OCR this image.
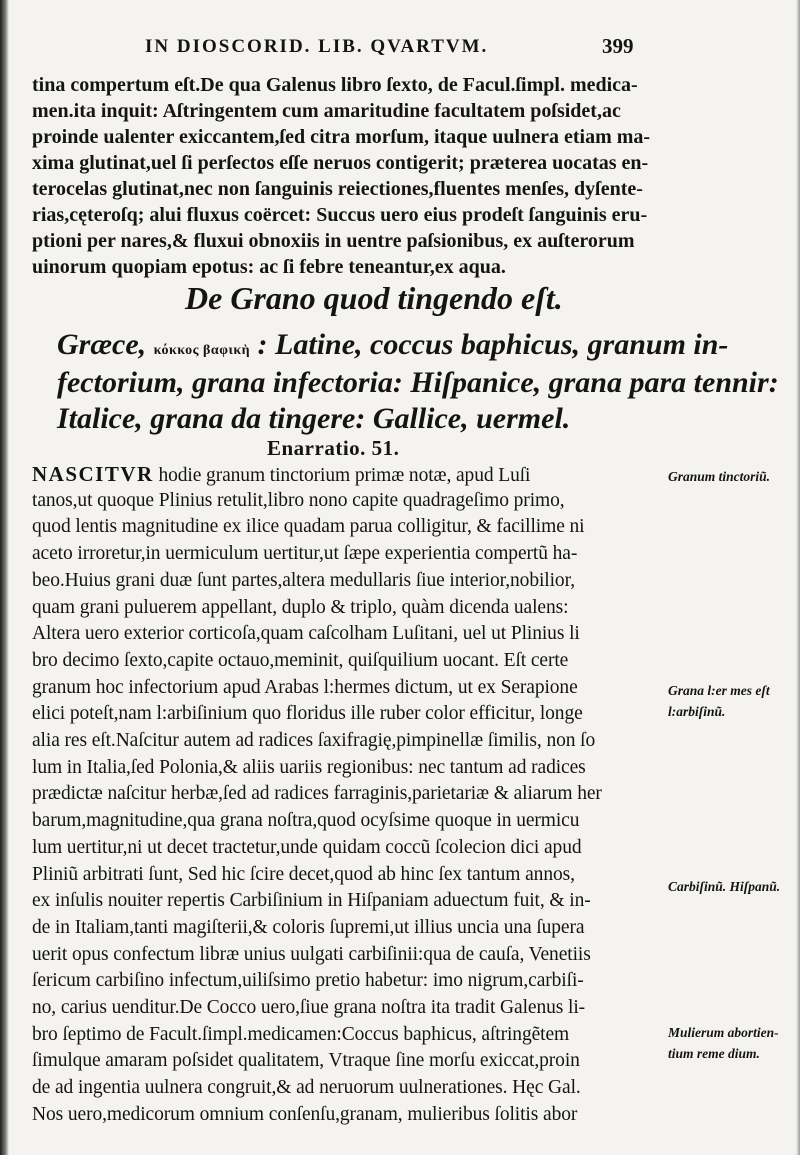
IN DIOSCORID. LIB. QVARTVM.	399
tina compertum eſt.De qua Galenus libro ſexto, de Facul.ſimpl. medica-
men.ita inquit: Aſtringentem cum amaritudine facultatem poſsidet,ac
proinde ualenter exiccantem,ſed citra morſum, itaque uulnera etiam ma-
xima glutinat,uel ſi perſectos eſſe neruos contigerit; præterea uocatas en-
terocelas glutinat,nec non ſanguinis reiectiones,fluentes menſes, dyſente-
rias,cęteroſq; alui fluxus coërcet: Succus uero eius prodeſt ſanguinis eru-
ptioni per nares,& fluxui obnoxiis in uentre paſsionibus, ex auſterorum
uinorum quopiam epotus: ac ſi febre teneantur,ex aqua.
De Grano quod tingendo eſt.
Græce, κόκκος βαφικὴ : Latine, coccus baphicus, granum in-
fectorium, grana infectoria: Hiſpanice, grana para tennir:
Italice, grana da tingere: Gallice, uermel.
Enarratio. 51.
NASCITVR hodie granum tinctorium primæ notæ, apud Luſi
tanos,ut quoque Plinius retulit,libro nono capite quadrageſimo primo,
quod lentis magnitudine ex ilice quadam parua colligitur, & facillime ni
aceto irroretur,in uermiculum uertitur,ut ſæpe experientia compertũ ha-
beo.Huius grani duæ ſunt partes,altera medullaris ſiue interior,nobilior,
quam grani puluerem appellant, duplo & triplo, quàm dicenda ualens:
Altera uero exterior corticoſa,quam caſcolham Luſitani, uel ut Plinius li
bro decimo ſexto,capite octauo,meminit, quiſquilium uocant. Eſt certe
granum hoc infectorium apud Arabas l:hermes dictum, ut ex Serapione
elici poteſt,nam l:arbiſinium quo floridus ille ruber color efficitur, longe
alia res eſt.Naſcitur autem ad radices ſaxifragię,pimpinellæ ſimilis, non ſo
lum in Italia,ſed Polonia,& aliis uariis regionibus: nec tantum ad radices
prædictæ naſcitur herbæ,ſed ad radices farraginis,parietariæ & aliarum her
barum,magnitudine,qua grana noſtra,quod ocyſsime quoque in uermicu
lum uertitur,ni ut decet tractetur,unde quidam coccũ ſcolecion dici apud
Pliniũ arbitrati ſunt, Sed hic ſcire decet,quod ab hinc ſex tantum annos,
ex inſulis nouiter repertis Carbiſinium in Hiſpaniam aduectum fuit, & in-
de in Italiam,tanti magiſterii,& coloris ſupremi,ut illius uncia una ſupera
uerit opus confectum libræ unius uulgati carbiſinii:qua de cauſa, Venetiis
ſericum carbiſino infectum,uiliſsimo pretio habetur: imo nigrum,carbiſi-
no, carius uenditur.De Cocco uero,ſiue grana noſtra ita tradit Galenus li-
bro ſeptimo de Facult.ſimpl.medicamen:Coccus baphicus, aſtringẽtem
ſimulque amaram poſsidet qualitatem, Vtraque ſine morſu exiccat,proin
de ad ingentia uulnera congruit,& ad neruorum uulnerationes. Hęc Gal.
Nos uero,medicorum omnium conſenſu,granam, mulieribus ſolitis abor
Granum tinctoriũ.
Grana l:er mes eſt l:arbiſinũ.
Carbiſinũ. Hiſpanũ.
Mulierum abortien- tium reme dium.
